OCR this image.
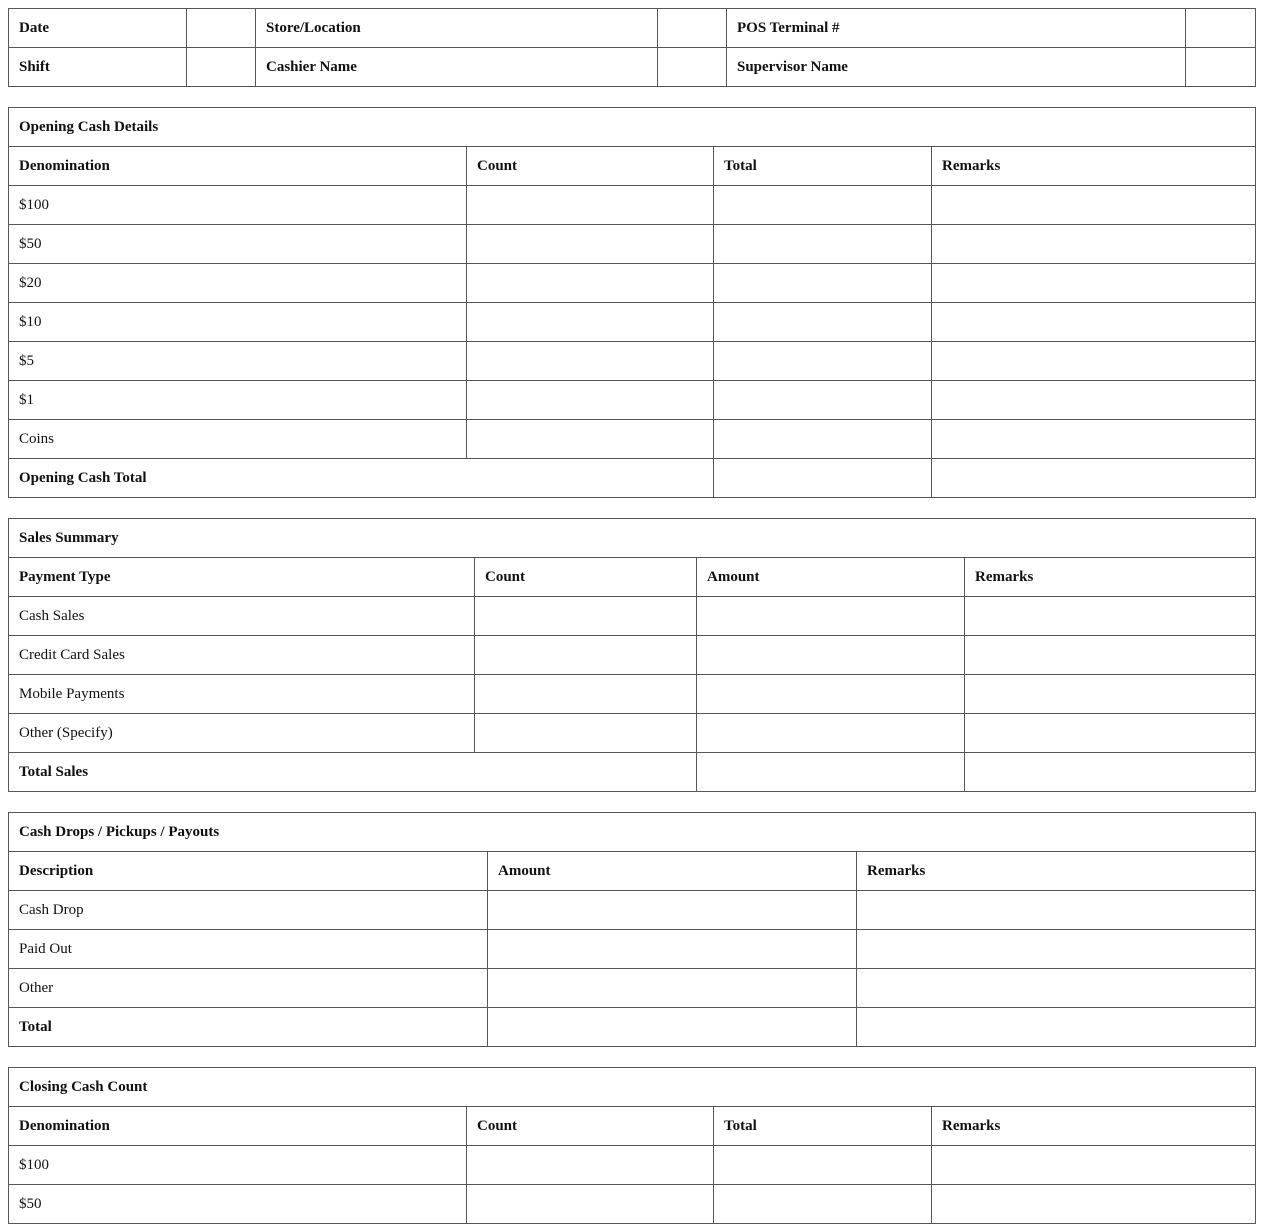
Date		Store/Location		POS Terminal #	
Shift		Cashier Name		Supervisor Name	
Opening Cash Details			
Denomination	Count	Total	Remarks
$100			
$50			
$20			
$10			
$5			
$1			
Coins			
Opening Cash Total			
Sales Summary			
Payment Type	Count	Amount	Remarks
Cash Sales			
Credit Card Sales			
Mobile Payments			
Other (Specify)			
Total Sales			
Cash Drops / Pickups / Payouts		
Description	Amount	Remarks
Cash Drop		
Paid Out		
Other		
Total		
Closing Cash Count			
Denomination	Count	Total	Remarks
$100			
$50			
